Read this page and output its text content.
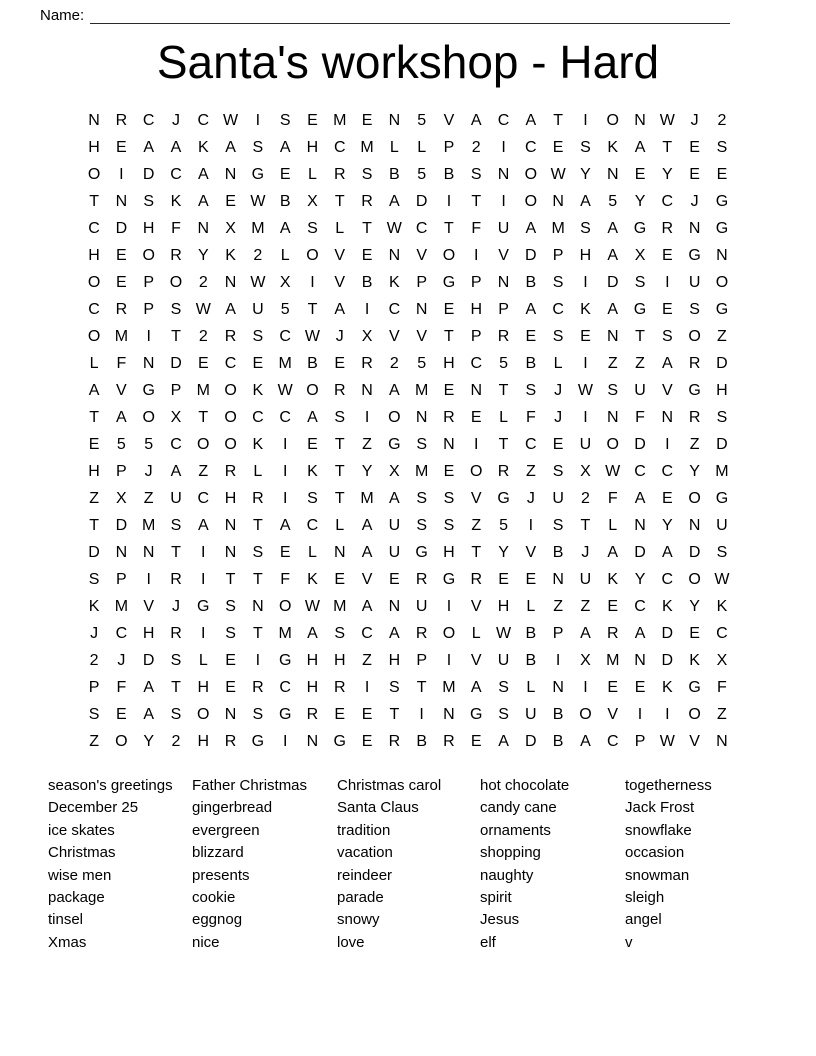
Name:
Santa's workshop - Hard
N R C	J	C W	I	S	E M E	N	5	V	A	C	A	T	I	O N W J	2
H	E	A	A	K	A	S	A	H C M	L	L	P	2	I	C	E	S	K	A	T	E	S
O	I	D C	A	N G E	L	R	S	B	5	B	S	N O W Y	N	E	Y	E	E
T	N	S	K	A	E W B	X	T	R	A	D	I	T	I	O N	A	5	Y	C	J	G
C D H	F	N	X M A	S	L	T W C	T	F	U	A M S	A G R N G
H	E O R	Y	K	2	L	O V	E	N	V O	I	V	D	P	H	A	X	E G N
O E	P O	2	N W X	I	V	B	K	P G P	N	B	S	I	D	S	I	U O
C R	P	S W A	U	5	T	A	I	C N	E	H	P	A	C	K	A G E	S G
O M	I	T	2	R	S	C W J	X	V	V	T	P	R	E	S	E	N	T	S O	Z
L	F	N D	E	C	E M B	E	R	2	5	H C	5	B	L	I	Z	Z	A	R D
A	V G P M O K W O R N	A M E	N	T	S	J W S	U	V G H
T	A O X	T	O C C	A	S	I	O N R	E	L	F	J	I	N	F	N R	S
E	5	5	C O O K	I	E	T	Z	G S	N	I	T	C	E	U O D	I	Z	D
H	P	J	A	Z	R	L	I	K	T	Y	X M E O R	Z	S	X W C C	Y M
Z	X	Z	U C H R	I	S	T M A	S	S	V G	J	U	2	F	A	E O G
T	D M S	A	N	T	A	C	L	A	U	S	S	Z	5	I	S	T	L	N	Y	N U
D N N	T	I	N	S	E	L	N	A	U G H	T	Y	V	B	J	A	D	A	D	S
S	P	I	R	I	T	T	F	K	E	V	E	R G R	E	E	N U	K	Y	C O W
K M V	J	G S	N O W M A	N U	I	V	H	L	Z	Z	E	C	K	Y	K
J	C H R	I	S	T M A	S	C	A	R O	L W B	P	A	R	A	D	E	C
2	J	D	S	L	E	I	G H H	Z	H	P	I	V	U	B	I	X M N D	K	X
P	F	A	T	H	E	R C H R	I	S	T M A	S	L	N	I	E	E	K G	F
S	E	A	S O N	S G R	E	E	T	I	N G S	U	B O V	I	I	O	Z
Z	O Y	2	H R G	I	N G E	R	B	R	E	A	D	B	A	C	P W V	N
season's greetings
December 25
ice skates
Christmas
wise men
package
tinsel
Xmas
Father Christmas
gingerbread
evergreen
blizzard
presents
cookie
eggnog
nice
Christmas carol
Santa Claus
tradition
vacation
reindeer
parade
snowy
love
hot chocolate
candy cane
ornaments
shopping
naughty
spirit
Jesus
elf
togetherness
Jack Frost
snowflake
occasion
snowman
sleigh
angel
v
